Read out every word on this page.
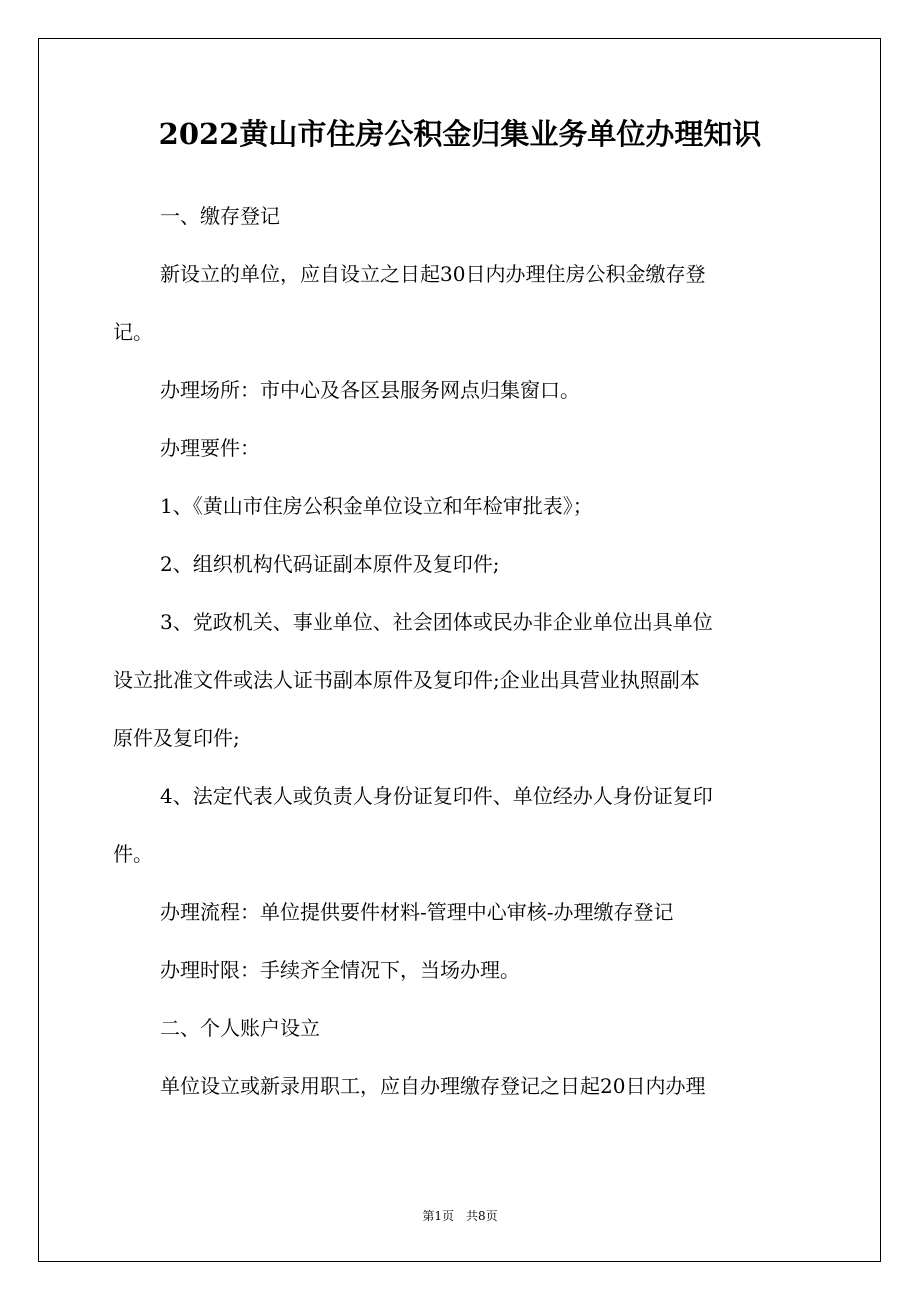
2022黄山市住房公积金归集业务单位办理知识
一、缴存登记
新设立的单位，应自设立之日起30日内办理住房公积金缴存登
记。
办理场所：市中心及各区县服务网点归集窗口。
办理要件：
1、《黄山市住房公积金单位设立和年检审批表》；
2、组织机构代码证副本原件及复印件;
3、党政机关、事业单位、社会团体或民办非企业单位出具单位
设立批准文件或法人证书副本原件及复印件;企业出具营业执照副本
原件及复印件;
4、法定代表人或负责人身份证复印件、单位经办人身份证复印
件。
办理流程：单位提供要件材料-管理中心审核-办理缴存登记
办理时限：手续齐全情况下，当场办理。
二、个人账户设立
单位设立或新录用职工，应自办理缴存登记之日起20日内办理
第1页　共8页
